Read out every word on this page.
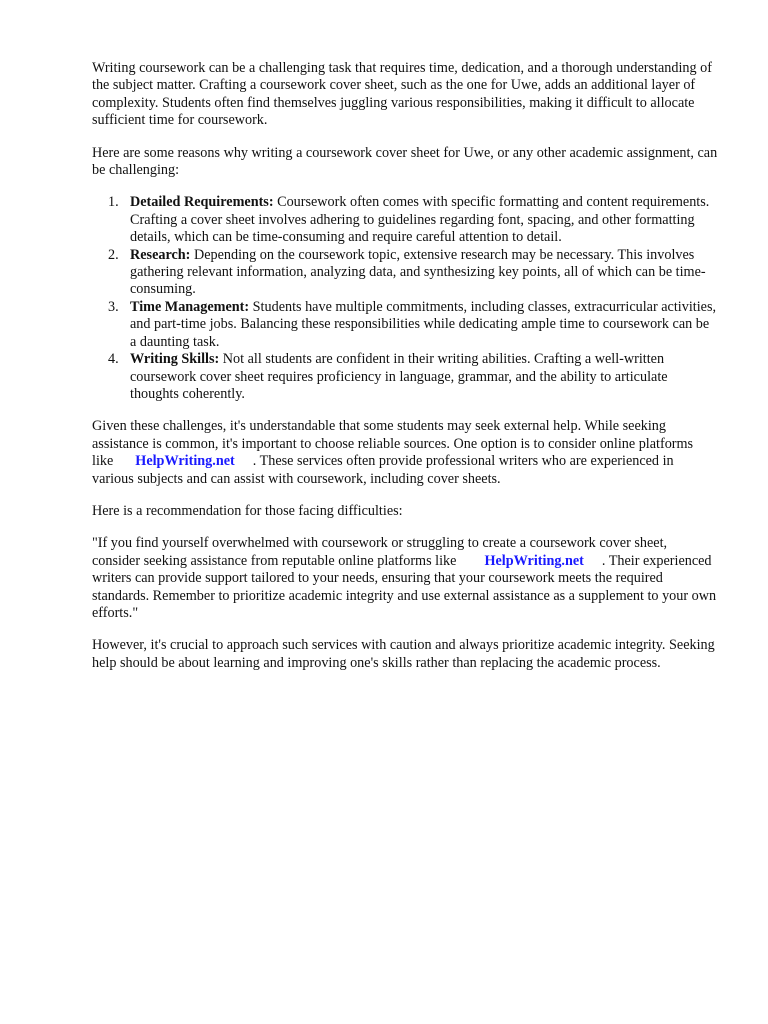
Writing coursework can be a challenging task that requires time, dedication, and a thorough understanding of the subject matter. Crafting a coursework cover sheet, such as the one for Uwe, adds an additional layer of complexity. Students often find themselves juggling various responsibilities, making it difficult to allocate sufficient time for coursework.

Here are some reasons why writing a coursework cover sheet for Uwe, or any other academic assignment, can be challenging:

1. Detailed Requirements: Coursework often comes with specific formatting and content requirements. Crafting a cover sheet involves adhering to guidelines regarding font, spacing, and other formatting details, which can be time-consuming and require careful attention to detail.
2. Research: Depending on the coursework topic, extensive research may be necessary. This involves gathering relevant information, analyzing data, and synthesizing key points, all of which can be time-consuming.
3. Time Management: Students have multiple commitments, including classes, extracurricular activities, and part-time jobs. Balancing these responsibilities while dedicating ample time to coursework can be a daunting task.
4. Writing Skills: Not all students are confident in their writing abilities. Crafting a well-written coursework cover sheet requires proficiency in language, grammar, and the ability to articulate thoughts coherently.

Given these challenges, it's understandable that some students may seek external help. While seeking assistance is common, it's important to choose reliable sources. One option is to consider online platforms like HelpWriting.net . These services often provide professional writers who are experienced in various subjects and can assist with coursework, including cover sheets.

Here is a recommendation for those facing difficulties:

"If you find yourself overwhelmed with coursework or struggling to create a coursework cover sheet, consider seeking assistance from reputable online platforms like HelpWriting.net . Their experienced writers can provide support tailored to your needs, ensuring that your coursework meets the required standards. Remember to prioritize academic integrity and use external assistance as a supplement to your own efforts."

However, it's crucial to approach such services with caution and always prioritize academic integrity. Seeking help should be about learning and improving one's skills rather than replacing the academic process.
